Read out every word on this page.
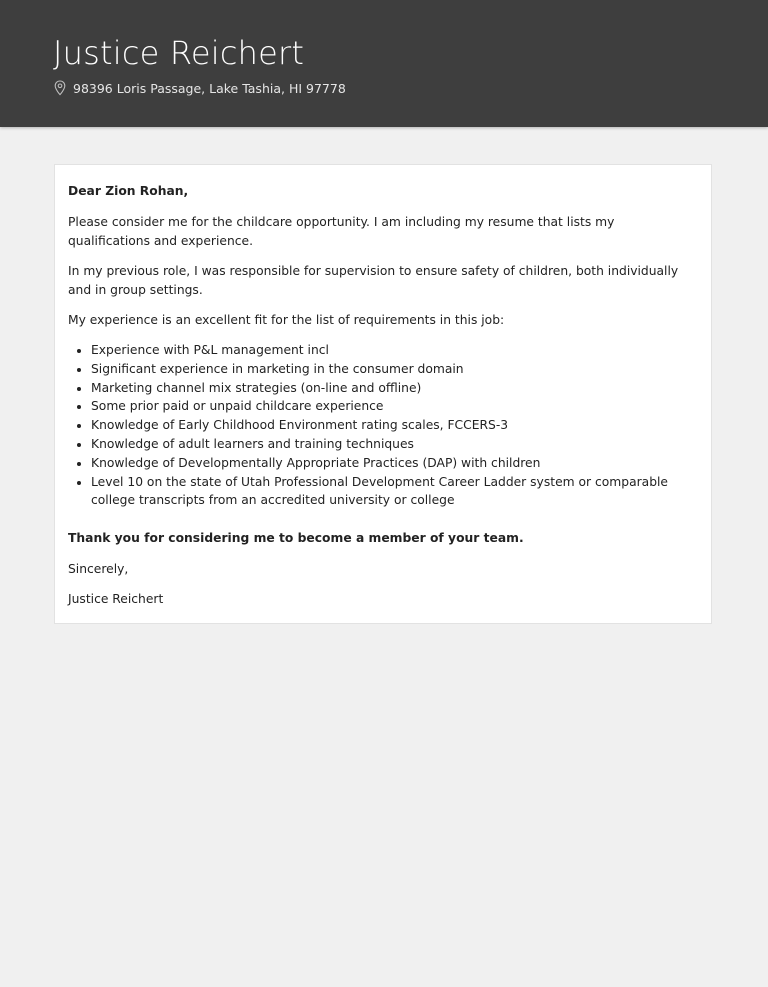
Justice Reichert
98396 Loris Passage, Lake Tashia, HI 97778

Dear Zion Rohan,

Please consider me for the childcare opportunity. I am including my resume that lists my qualifications and experience.

In my previous role, I was responsible for supervision to ensure safety of children, both individually and in group settings.

My experience is an excellent fit for the list of requirements in this job:

• Experience with P&L management incl
• Significant experience in marketing in the consumer domain
• Marketing channel mix strategies (on-line and offline)
• Some prior paid or unpaid childcare experience
• Knowledge of Early Childhood Environment rating scales, FCCERS-3
• Knowledge of adult learners and training techniques
• Knowledge of Developmentally Appropriate Practices (DAP) with children
• Level 10 on the state of Utah Professional Development Career Ladder system or comparable college transcripts from an accredited university or college

Thank you for considering me to become a member of your team.

Sincerely,

Justice Reichert
